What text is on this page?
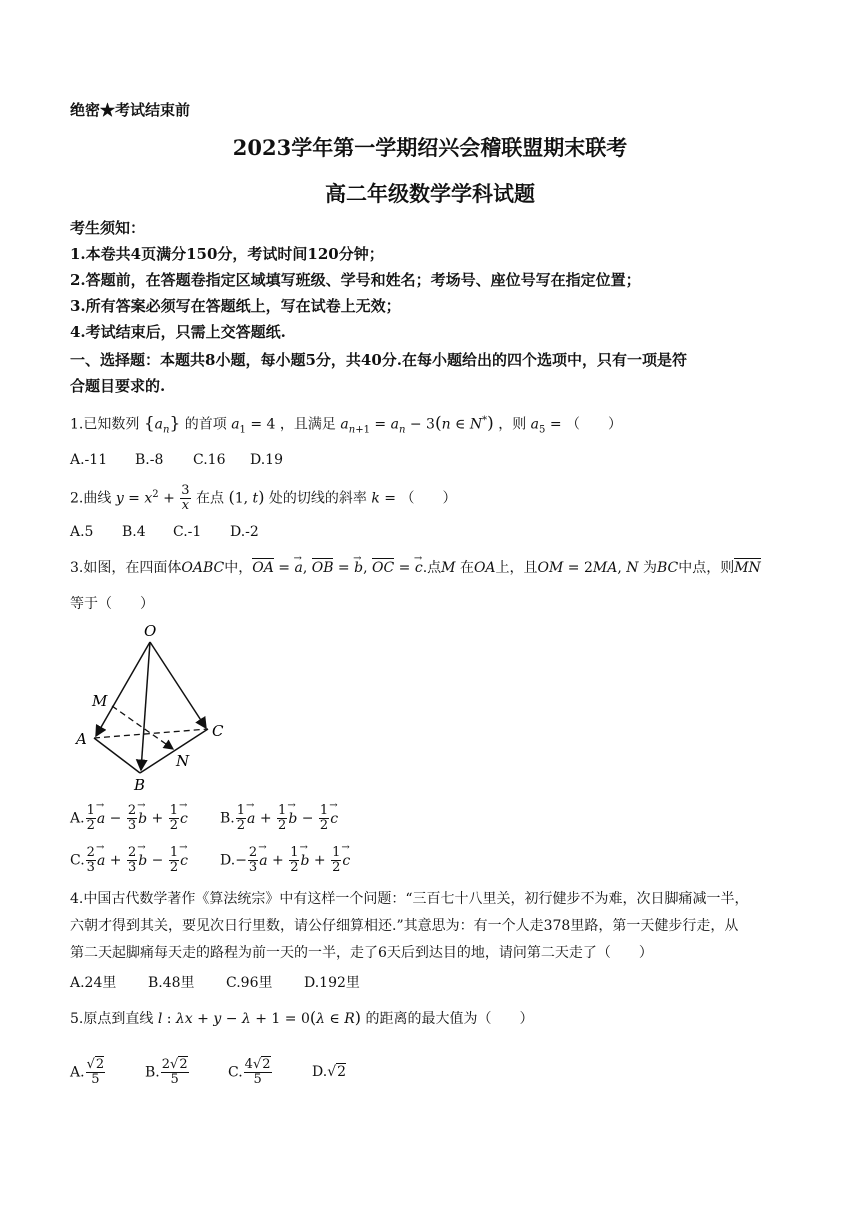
绝密★考试结束前
2023学年第一学期绍兴会稽联盟期末联考
高二年级数学学科试题
考生须知：
1.本卷共4页满分150分，考试时间120分钟；
2.答题前，在答题卷指定区域填写班级、学号和姓名；考场号、座位号写在指定位置；
3.所有答案必须写在答题纸上，写在试卷上无效；
4.考试结束后，只需上交答题纸.
一、选择题：本题共8小题，每小题5分，共40分.在每小题给出的四个选项中，只有一项是符
合题目要求的.
1.已知数列 $\{a_n\}$ 的首项 $a_1 = 4$ ，且满足 $a_{n+1} = a_n - 3(n$ ∈ N*) ，则 $a_5$ = （　　）
A.-11 B.-8 C.16 D.19
2.曲线 $y = x^2 + \frac{3}{x}$ 在点 (1, t) 处的切线的斜率 k = （　　）
A.5 B.4 C.-1 D.-2
3.如图，在四面体OABC中，OA = → a, OB = → b, OC = → c.点M 在OA上，且OM = 2MA, N 为BC中点，则MN
等于（　　）
O
M
A	C
N
B
A. $\frac{1}{2}$
→ $a - \frac{2}{3}$
→ $b + \frac{1}{2}$
→ c B. $\frac{1}{2}$
→ $a + \frac{1}{2}$
→ $b - \frac{1}{2}$
→ c
C. $\frac{2}{3}$
→ $a + \frac{2}{3}$
→ $b - \frac{1}{2}$
→ c $D.- \frac{2}{3}$
→ $a + \frac{1}{2}$
→ $b + \frac{1}{2}$
→ c
4.中国古代数学著作《算法统宗》中有这样一个问题：“三百七十八里关，初行健步不为难，次日脚痛减一半，
六朝才得到其关，要见次日行里数，请公仔细算相还.”其意思为：有一个人走378里路，第一天健步行走，从
第二天起脚痛每天走的路程为前一天的一半，走了6天后到达目的地，请问第二天走了（　　）
A.24里 B.48里 C.96里 D.192里
5.原点到直线 l : λx + y − λ + 1 = 0(λ ∈ R) 的距离的最大值为（　　）
A. $\frac{√2}{5}$	B. $\frac{2√2}{5}$	C. $\frac{4√2}{5}$	D.√2
